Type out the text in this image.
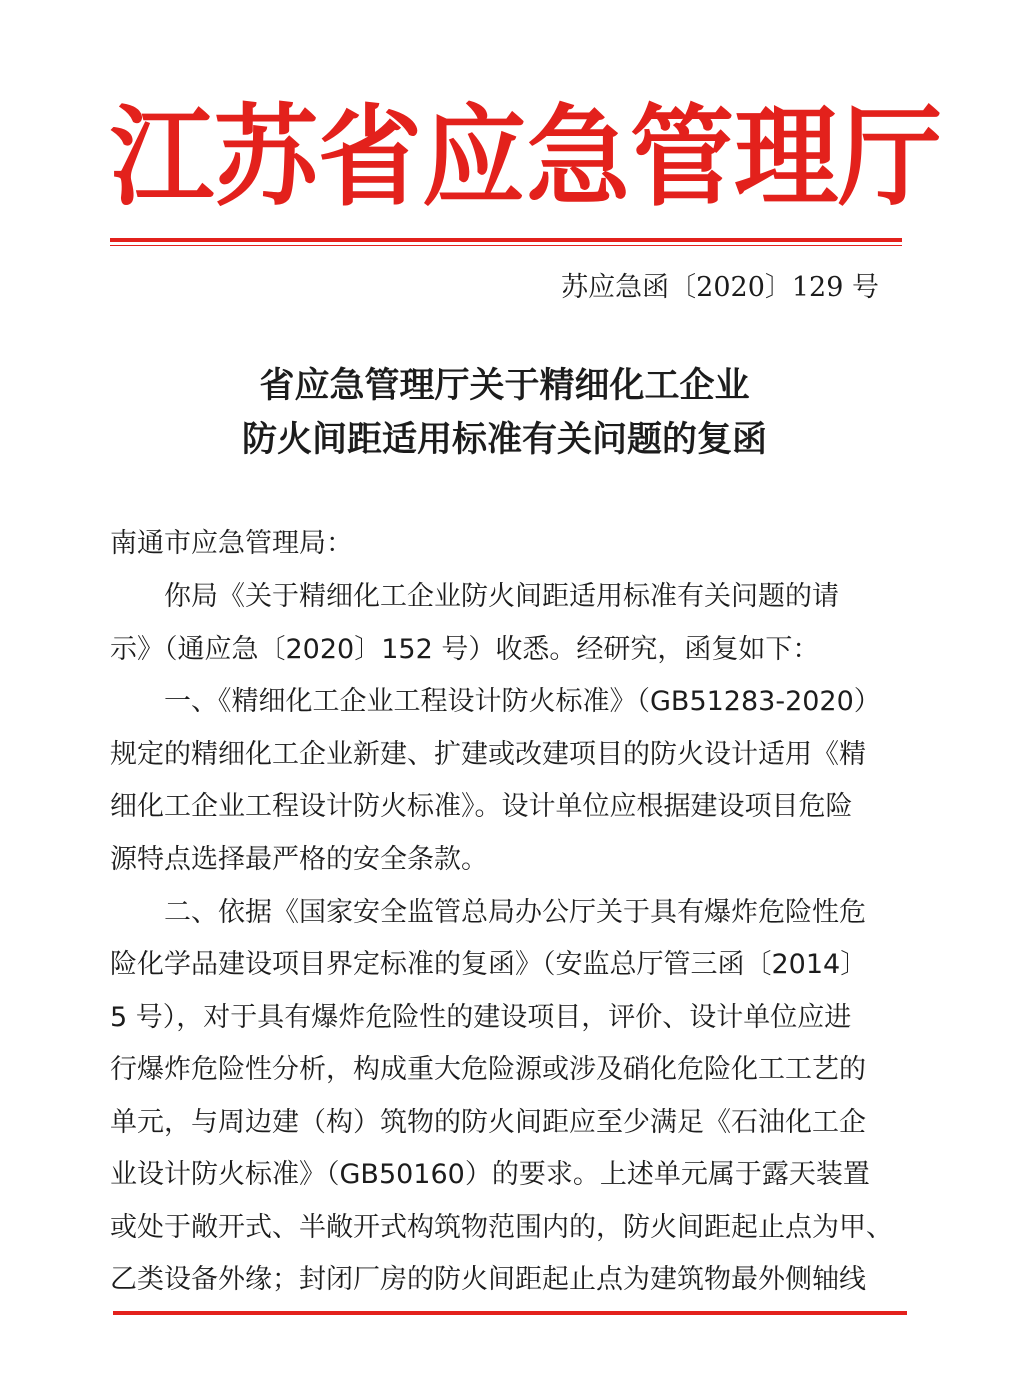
江 苏 省 应 急 管 理 厅
苏应急函〔2020〕129 号
省应急管理厅关于精细化工企业
防火间距适用标准有关问题的复函
南通市应急管理局：
　　你局《关于精细化工企业防火间距适用标准有关问题的请
示》（通应急〔2020〕152 号）收悉。经研究，函复如下：
　　一、《精细化工企业工程设计防火标准》（GB51283-2020）
规定的精细化工企业新建、扩建或改建项目的防火设计适用《精
细化工企业工程设计防火标准》。设计单位应根据建设项目危险
源特点选择最严格的安全条款。
　　二、依据《国家安全监管总局办公厅关于具有爆炸危险性危
险化学品建设项目界定标准的复函》（安监总厅管三函〔2014〕
5 号），对于具有爆炸危险性的建设项目，评价、设计单位应进
行爆炸危险性分析，构成重大危险源或涉及硝化危险化工工艺的
单元，与周边建（构）筑物的防火间距应至少满足《石油化工企
业设计防火标准》（GB50160）的要求。上述单元属于露天装置
或处于敞开式、半敞开式构筑物范围内的，防火间距起止点为甲、
乙类设备外缘；封闭厂房的防火间距起止点为建筑物最外侧轴线
